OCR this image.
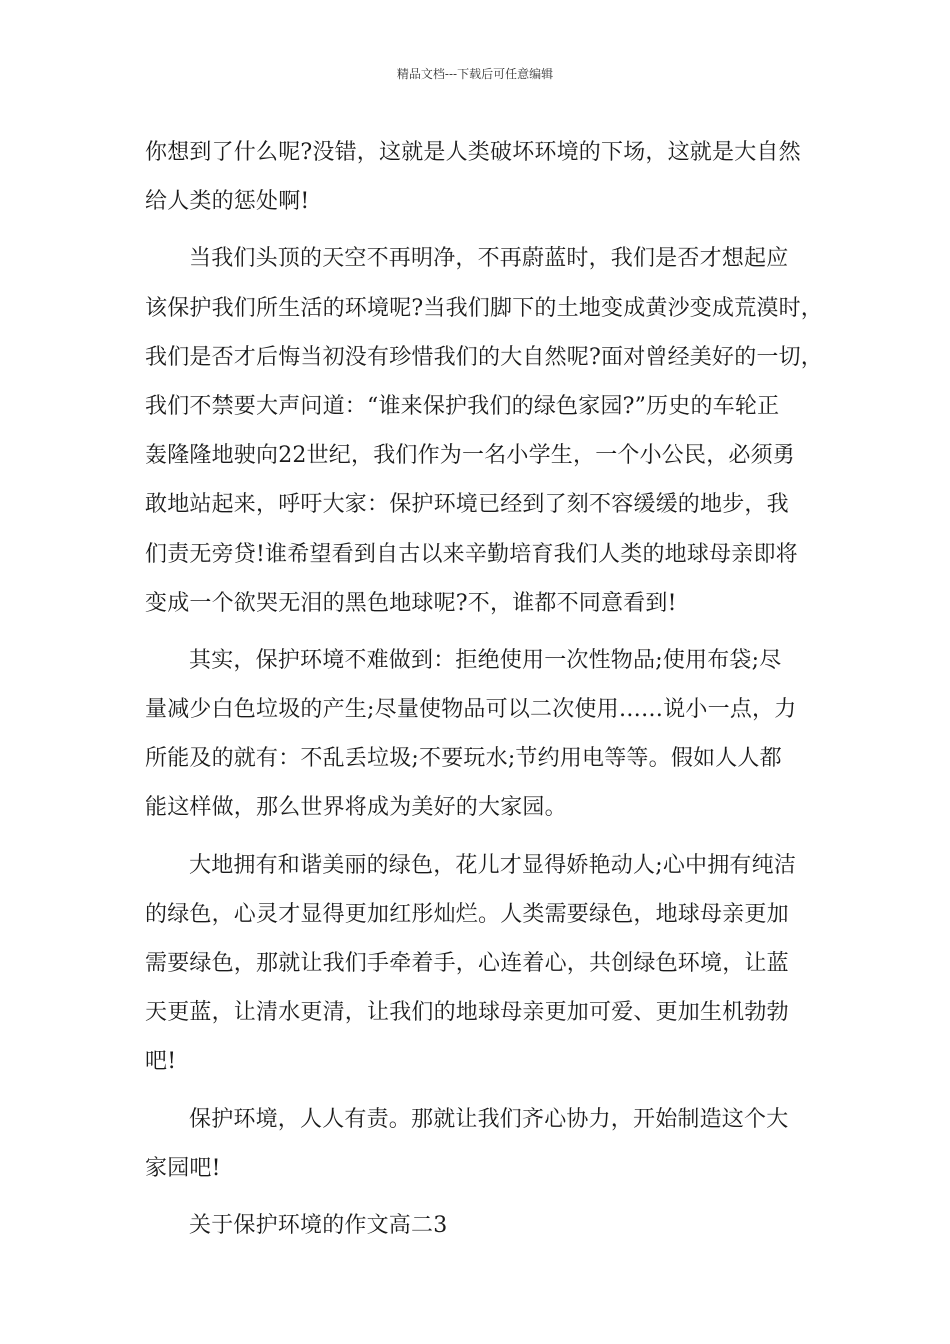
精品文档---下载后可任意编辑
你想到了什么呢?没错，这就是人类破坏环境的下场，这就是大自然
给人类的惩处啊!
当我们头顶的天空不再明净，不再蔚蓝时，我们是否才想起应
该保护我们所生活的环境呢?当我们脚下的土地变成黄沙变成荒漠时，
我们是否才后悔当初没有珍惜我们的大自然呢?面对曾经美好的一切，
我们不禁要大声问道：“谁来保护我们的绿色家园?”历史的车轮正
轰隆隆地驶向22世纪，我们作为一名小学生，一个小公民，必须勇
敢地站起来，呼吁大家：保护环境已经到了刻不容缓缓的地步，我
们责无旁贷!谁希望看到自古以来辛勤培育我们人类的地球母亲即将
变成一个欲哭无泪的黑色地球呢?不，谁都不同意看到!
其实，保护环境不难做到：拒绝使用一次性物品;使用布袋;尽
量减少白色垃圾的产生;尽量使物品可以二次使用……说小一点，力
所能及的就有：不乱丢垃圾;不要玩水;节约用电等等。假如人人都
能这样做，那么世界将成为美好的大家园。
大地拥有和谐美丽的绿色，花儿才显得娇艳动人;心中拥有纯洁
的绿色，心灵才显得更加红彤灿烂。人类需要绿色，地球母亲更加
需要绿色，那就让我们手牵着手，心连着心，共创绿色环境，让蓝
天更蓝，让清水更清，让我们的地球母亲更加可爱、更加生机勃勃
吧!
保护环境，人人有责。那就让我们齐心协力，开始制造这个大
家园吧!
关于保护环境的作文高二3
